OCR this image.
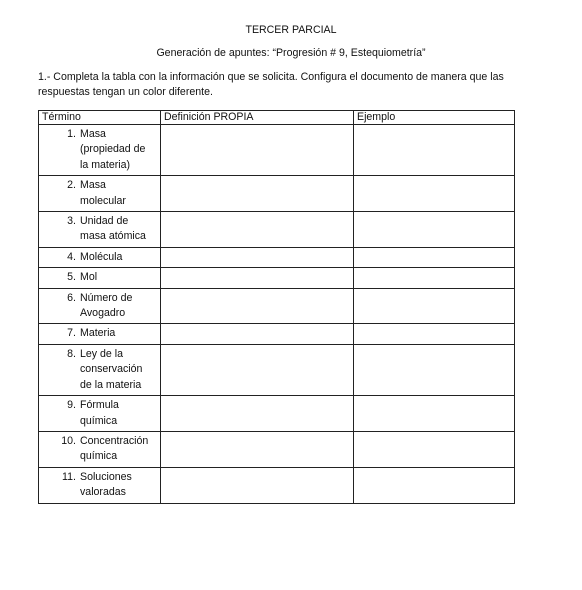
TERCER PARCIAL
Generación de apuntes: “Progresión # 9, Estequiometría”
1.- Completa la tabla con la información que se solicita. Configura el documento de manera que las respuestas tengan un color diferente.
Término	Definición PROPIA	Ejemplo

1. Masa
(propiedad de
la materia)		

2. Masa
molecular		

3. Unidad de
masa atómica		

4. Molécula		

5. Mol		

6. Número de
Avogadro		

7. Materia		

8. Ley de la
conservación
de la materia		

9. Fórmula
química		

10. Concentración
química		

11. Soluciones
valoradas		
